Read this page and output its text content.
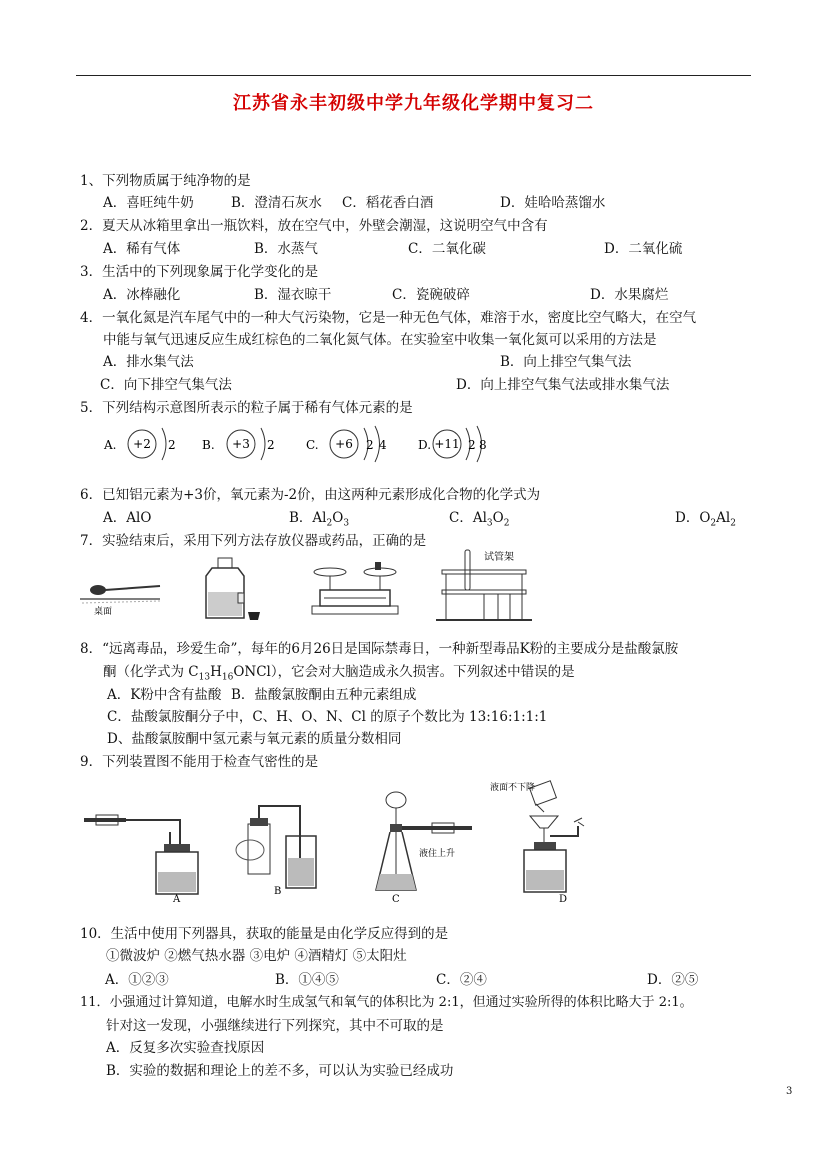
江苏省永丰初级中学九年级化学期中复习二
1、下列物质属于纯净物的是
A．喜旺纯牛奶	B．澄清石灰水 C．稻花香白酒	D．娃哈哈蒸馏水
2．夏天从冰箱里拿出一瓶饮料，放在空气中，外壁会潮湿，这说明空气中含有
A．稀有气体	B．水蒸气	C．二氧化碳	D．二氧化硫
3．生活中的下列现象属于化学变化的是
A．冰棒融化	B．湿衣晾干	C．瓷碗破碎	D．水果腐烂
4．一氧化氮是汽车尾气中的一种大气污染物，它是一种无色气体，难溶于水，密度比空气略大，在空气
中能与氧气迅速反应生成红棕色的二氧化氮气体。在实验室中收集一氧化氮可以采用的方法是
A．排水集气法	B．向上排空气集气法
C．向下排空气集气法	D．向上排空气集气法或排水集气法
5．下列结构示意图所表示的粒子属于稀有气体元素的是
A. +2 2 B. +3 2	C. +6 2 4	D. +11 2 8
6．已知铝元素为+3价，氧元素为-2价，由这两种元素形成化合物的化学式为
A．AlO	B．$Al_2O_3$	C．$Al_3O_2$	D．$O_2Al_2$
7．实验结束后，采用下列方法存放仪器或药品，正确的是
桌面
试管架
8．“远离毒品，珍爱生命”，每年的6月26日是国际禁毒日，一种新型毒品K粉的主要成分是盐酸氯胺
酮（化学式为 $C_{13}H_{16}ONCl$），它会对大脑造成永久损害。下列叙述中错误的是
A．K粉中含有盐酸 B．盐酸氯胺酮由五种元素组成
C．盐酸氯胺酮分子中，C、H、O、N、Cl 的原子个数比为 13:16:1:1:1
D、盐酸氯胺酮中氢元素与氧元素的质量分数相同
9．下列装置图不能用于检查气密性的是
A
B
液住上升
C
液面不下降
D
10．生活中使用下列器具，获取的能量是由化学反应得到的是
①微波炉 ②燃气热水器 ③电炉 ④酒精灯 ⑤太阳灶
A．①②③	B．①④⑤	C．②④	D．②⑤
11．小强通过计算知道，电解水时生成氢气和氧气的体积比为 2:1，但通过实验所得的体积比略大于 2:1。
针对这一发现，小强继续进行下列探究，其中不可取的是
A．反复多次实验查找原因
B．实验的数据和理论上的差不多，可以认为实验已经成功
3
